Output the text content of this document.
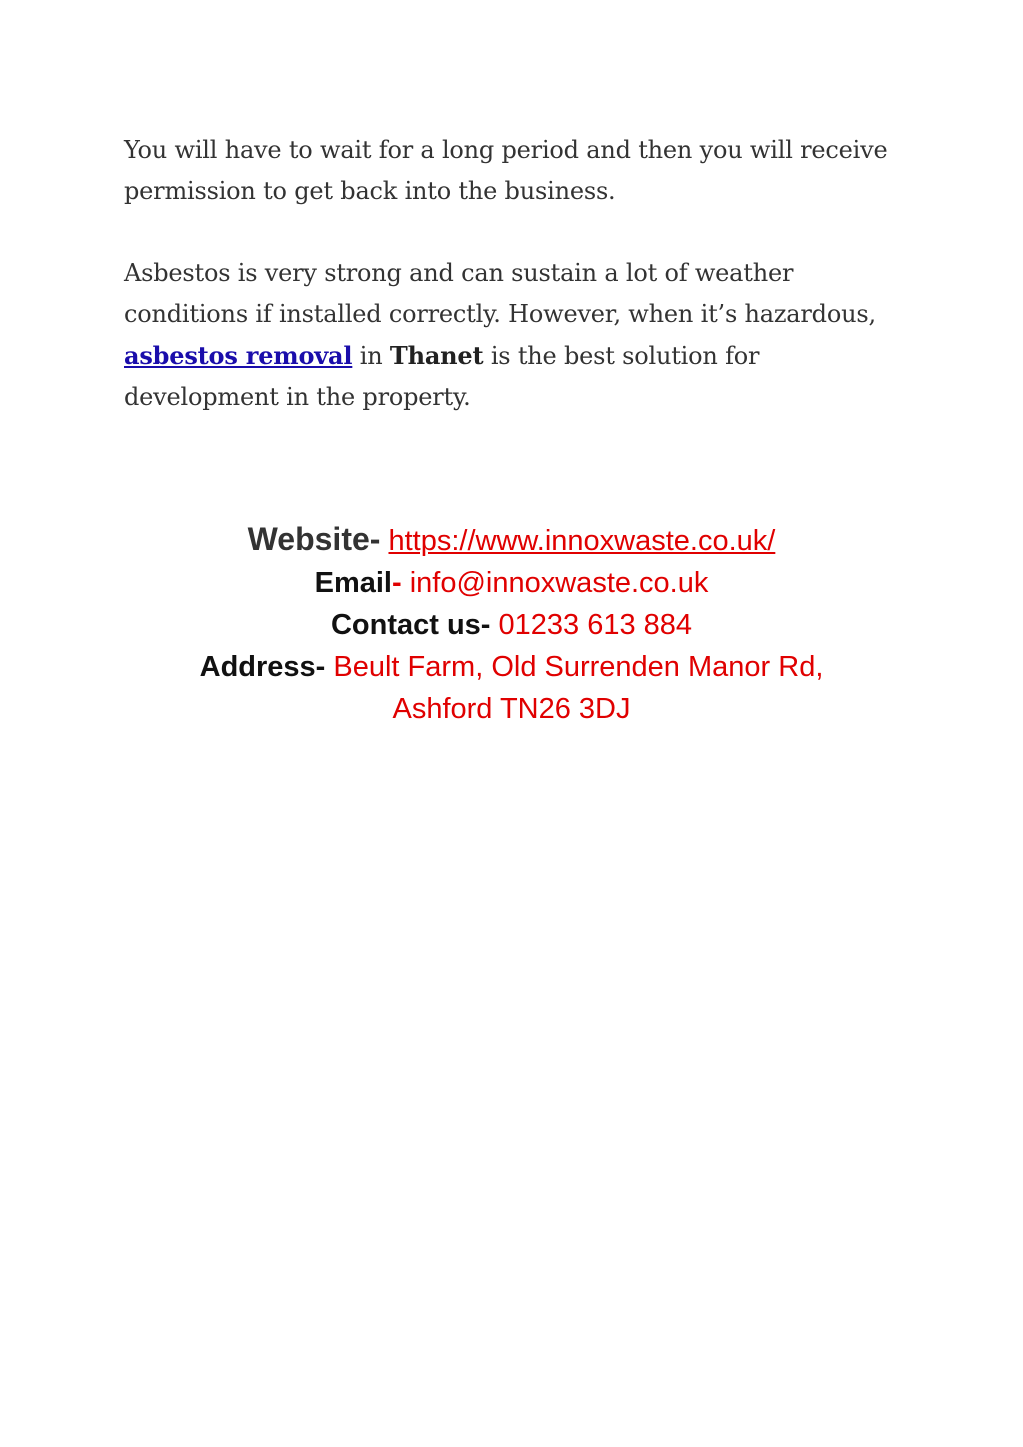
You will have to wait for a long period and then you will receive permission to get back into the business.

Asbestos is very strong and can sustain a lot of weather conditions if installed correctly. However, when it’s hazardous, asbestos removal in Thanet is the best solution for development in the property.

Website- https://www.innoxwaste.co.uk/
Email- info@innoxwaste.co.uk
Contact us- 01233 613 884
Address- Beult Farm, Old Surrenden Manor Rd,
Ashford TN26 3DJ
